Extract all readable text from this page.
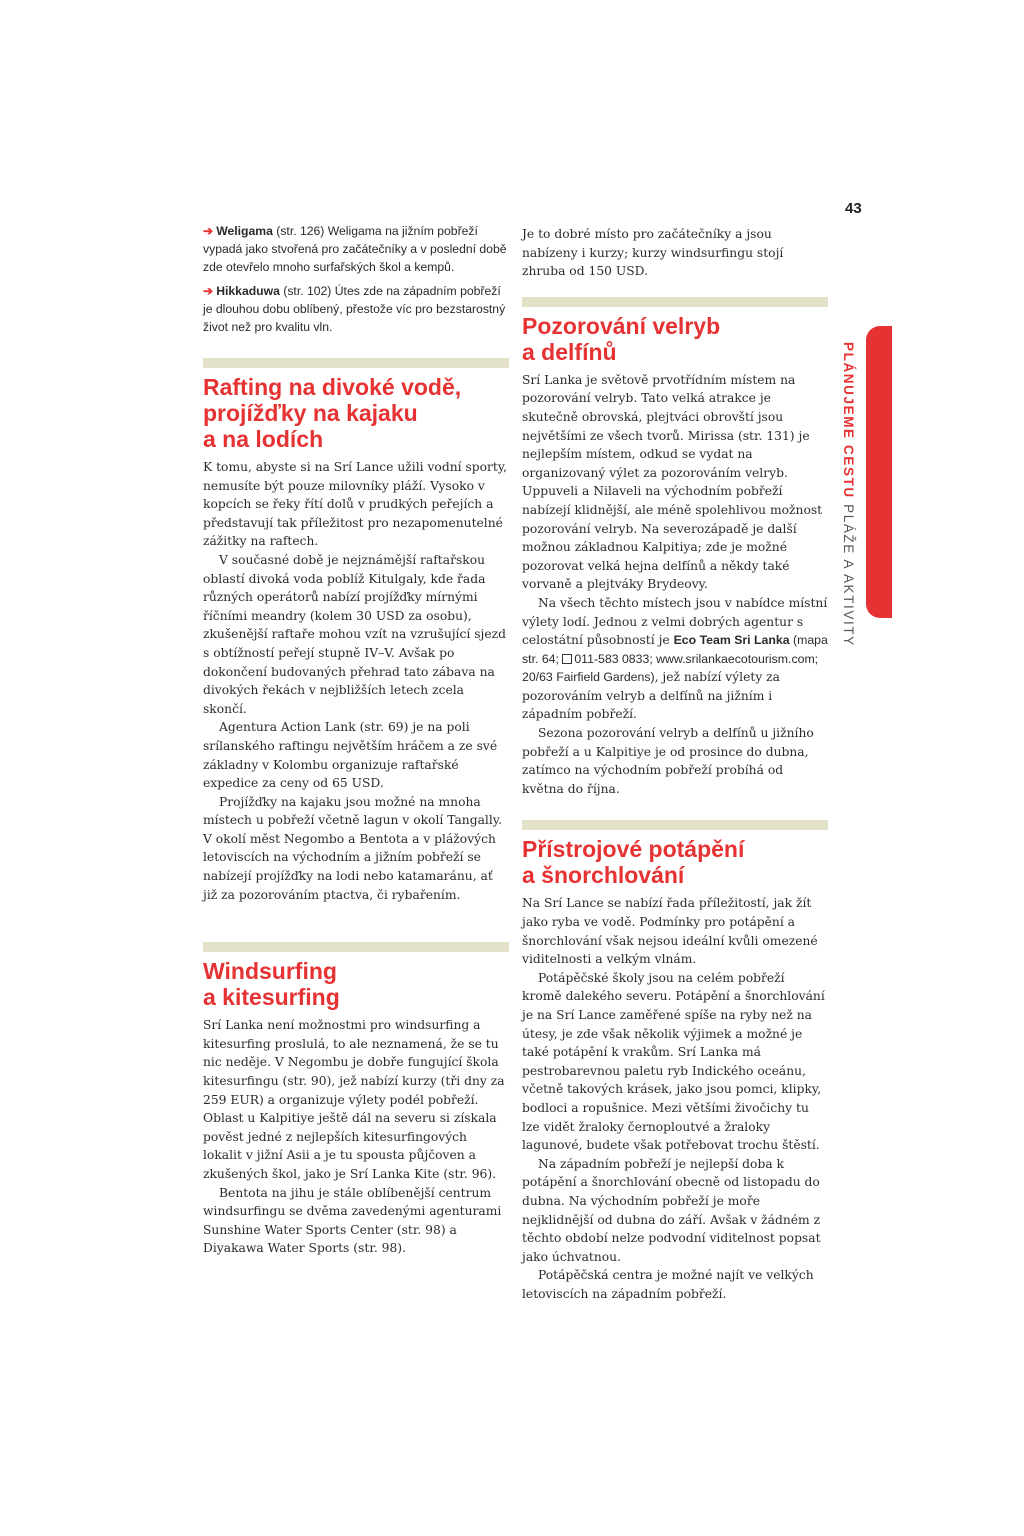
43
PLÁNUJEME CESTU PLÁŽE A AKTIVITY

➔ Weligama (str. 126) Weligama na jižním pobřeží vypadá jako stvořená pro začátečníky a v poslední době zde otevřelo mnoho surfařských škol a kempů.

➔ Hikkaduwa (str. 102) Útes zde na západním pobřeží je dlouhou dobu oblíbený, přestože víc pro bezstarostný život než pro kvalitu vln.

Rafting na divoké vodě,
projížďky na kajaku
a na lodích

K tomu, abyste si na Srí Lance užili vodní sporty, nemusíte být pouze milovníky pláží. Vysoko v kopcích se řeky řítí dolů v prudkých peřejích a představují tak příležitost pro nezapomenutelné zážitky na raftech.

V současné době je nejznámější raftařskou oblastí divoká voda poblíž Kitulgaly, kde řada různých operátorů nabízí projížďky mírnými říčními meandry (kolem 30 USD za osobu), zkušenější raftaře mohou vzít na vzrušující sjezd s obtížností peřejí stupně IV–V. Avšak po dokončení budovaných přehrad tato zábava na divokých řekách v nejbližších letech zcela skončí.

Agentura Action Lank (str. 69) je na poli srílanského raftingu největším hráčem a ze své základny v Kolombu organizuje raftařské expedice za ceny od 65 USD.

Projížďky na kajaku jsou možné na mnoha místech u pobřeží včetně lagun v okolí Tangally. V okolí měst Negombo a Bentota a v plážových letoviscích na východním a jižním pobřeží se nabízejí projížďky na lodi nebo katamaránu, ať již za pozorováním ptactva, či rybařením.

Windsurfing
a kitesurfing

Srí Lanka není možnostmi pro windsurfing a kitesurfing proslulá, to ale neznamená, že se tu nic neděje. V Negombu je dobře fungující škola kitesurfingu (str. 90), jež nabízí kurzy (tři dny za 259 EUR) a organizuje výlety podél pobřeží. Oblast u Kalpitiye ještě dál na severu si získala pověst jedné z nejlepších kitesurfingových lokalit v jižní Asii a je tu spousta půjčoven a zkušených škol, jako je Srí Lanka Kite (str. 96).

Bentota na jihu je stále oblíbenější centrum windsurfingu se dvěma zavedenými agenturami Sunshine Water Sports Center (str. 98) a Diyakawa Water Sports (str. 98).

Je to dobré místo pro začátečníky a jsou nabízeny i kurzy; kurzy windsurfingu stojí zhruba od 150 USD.

Pozorování velryb
a delfínů

Srí Lanka je světově prvotřídním místem na pozorování velryb. Tato velká atrakce je skutečně obrovská, plejtváci obrovští jsou největšími ze všech tvorů. Mirissa (str. 131) je nejlepším místem, odkud se vydat na organizovaný výlet za pozorováním velryb. Uppuveli a Nilaveli na východním pobřeží nabízejí klidnější, ale méně spolehlivou možnost pozorování velryb. Na severozápadě je další možnou základnou Kalpitiya; zde je možné pozorovat velká hejna delfínů a někdy také vorvaně a plejtváky Brydeovy.

Na všech těchto místech jsou v nabídce místní výlety lodí. Jednou z velmi dobrých agentur s celostátní působností je Eco Team Sri Lanka (mapa str. 64; 011-583 0833; www.srilankaecotourism.com; 20/63 Fairfield Gardens), jež nabízí výlety za pozorováním velryb a delfínů na jižním i západním pobřeží.

Sezona pozorování velryb a delfínů u jižního pobřeží a u Kalpitiye je od prosince do dubna, zatímco na východním pobřeží probíhá od května do října.

Přístrojové potápění
a šnorchlování

Na Srí Lance se nabízí řada příležitostí, jak žít jako ryba ve vodě. Podmínky pro potápění a šnorchlování však nejsou ideální kvůli omezené viditelnosti a velkým vlnám.

Potápěčské školy jsou na celém pobřeží kromě dalekého severu. Potápění a šnorchlování je na Srí Lance zaměřené spíše na ryby než na útesy, je zde však několik výjimek a možné je také potápění k vrakům. Srí Lanka má pestrobarevnou paletu ryb Indického oceánu, včetně takových krásek, jako jsou pomci, klipky, bodloci a ropušnice. Mezi většími živočichy tu lze vidět žraloky černoploutvé a žraloky lagunové, budete však potřebovat trochu štěstí.

Na západním pobřeží je nejlepší doba k potápění a šnorchlování obecně od listopadu do dubna. Na východním pobřeží je moře nejklidnější od dubna do září. Avšak v žádném z těchto období nelze podvodní viditelnost popsat jako úchvatnou.

Potápěčská centra je možné najít ve velkých letoviscích na západním pobřeží.
